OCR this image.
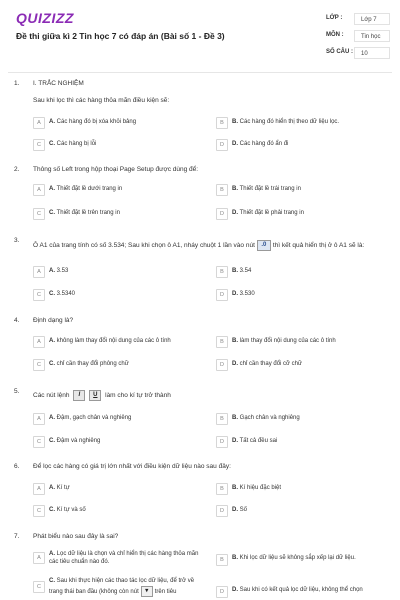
QUIZIZZ
Đề thi giữa kì 2 Tin học 7 có đáp án (Bài số 1 - Đề 3)
LỚP :	Lớp 7
MÔN :	Tin học
SỐ CÂU :	10
1. I. TRẮC NGHIỆM
Sau khi lọc thì các hàng thỏa mãn điều kiện sẽ:
A	A. Các hàng đó bị xóa khỏi bảng	B	B. Các hàng đó hiển thị theo dữ liệu lọc.
C	C. Các hàng bị lỗi	D	D. Các hàng đó ẩn đi
2. Thông số Left trong hộp thoại Page Setup được dùng để:
A	A. Thiết đặt lề dưới trang in	B	B. Thiết đặt lề trái trang in
C	C. Thiết đặt lề trên trang in	D	D. Thiết đặt lề phải trang in
3.
Ô A1 của trang tính có số 3.534; Sau khi chọn ô A1, nháy chuột 1 lần vào nút .0 thì kết quả hiển thị ở ô A1 sẽ là:
A	A. 3.53	B	B. 3.54
C	C. 3.5340	D	D. 3.530
4. Định dạng là?
A	A. không làm thay đổi nội dung của các ô tính	B	B. làm thay đổi nội dung của các ô tính
C	C. chỉ cần thay đổi phông chữ	D	D. chỉ cần thay đổi cỡ chữ
5.
Các nút lệnh I U làm cho kí tự trở thành
A	A. Đậm, gạch chân và nghiêng	B	B. Gạch chân và nghiêng
C	C. Đậm và nghiêng	D	D. Tất cả đều sai
6. Để lọc các hàng có giá trị lớn nhất với điều kiện dữ liệu nào sau đây:
A	A. Kí tự	B	B. Kí hiệu đặc biệt
C	C. Kí tự và số	D	D. Số
7. Phát biểu nào sau đây là sai?
A
A. Lọc dữ liệu là chọn và chỉ hiển thị các hàng thỏa mãn các tiêu chuẩn nào đó.	B	B. Khi lọc dữ liệu sẽ không sắp xếp lại dữ liệu.
C
C. Sau khi thực hiện các thao tác lọc dữ liệu, để trở về trang thái ban đầu (không còn nút ▾ trên tiêu	D	D. Sau khi có kết quả lọc dữ liệu, không thể chọn
